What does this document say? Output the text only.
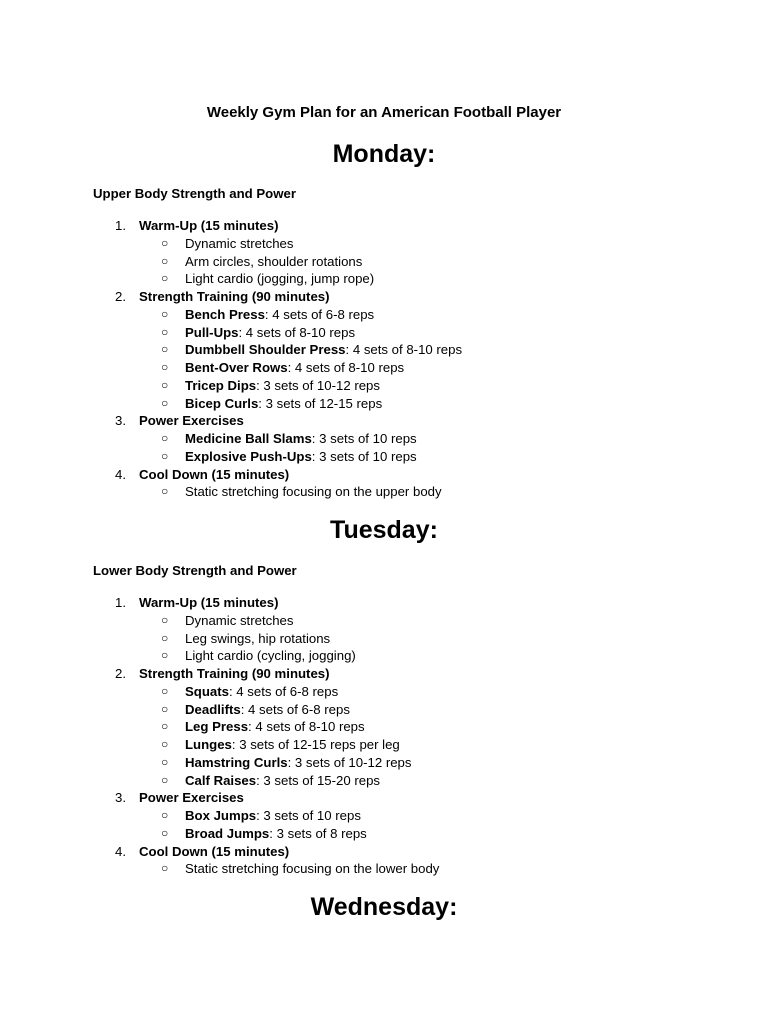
Weekly Gym Plan for an American Football Player
Monday:

Upper Body Strength and Power

1. Warm-Up (15 minutes)
○ Dynamic stretches
○ Arm circles, shoulder rotations
○ Light cardio (jogging, jump rope)
2. Strength Training (90 minutes)
○ Bench Press: 4 sets of 6-8 reps
○ Pull-Ups: 4 sets of 8-10 reps
○ Dumbbell Shoulder Press: 4 sets of 8-10 reps
○ Bent-Over Rows: 4 sets of 8-10 reps
○ Tricep Dips: 3 sets of 10-12 reps
○ Bicep Curls: 3 sets of 12-15 reps
3. Power Exercises
○ Medicine Ball Slams: 3 sets of 10 reps
○ Explosive Push-Ups: 3 sets of 10 reps
4. Cool Down (15 minutes)
○ Static stretching focusing on the upper body
Tuesday:

Lower Body Strength and Power

1. Warm-Up (15 minutes)
○ Dynamic stretches
○ Leg swings, hip rotations
○ Light cardio (cycling, jogging)
2. Strength Training (90 minutes)
○ Squats: 4 sets of 6-8 reps
○ Deadlifts: 4 sets of 6-8 reps
○ Leg Press: 4 sets of 8-10 reps
○ Lunges: 3 sets of 12-15 reps per leg
○ Hamstring Curls: 3 sets of 10-12 reps
○ Calf Raises: 3 sets of 15-20 reps
3. Power Exercises
○ Box Jumps: 3 sets of 10 reps
○ Broad Jumps: 3 sets of 8 reps
4. Cool Down (15 minutes)
○ Static stretching focusing on the lower body
Wednesday:
